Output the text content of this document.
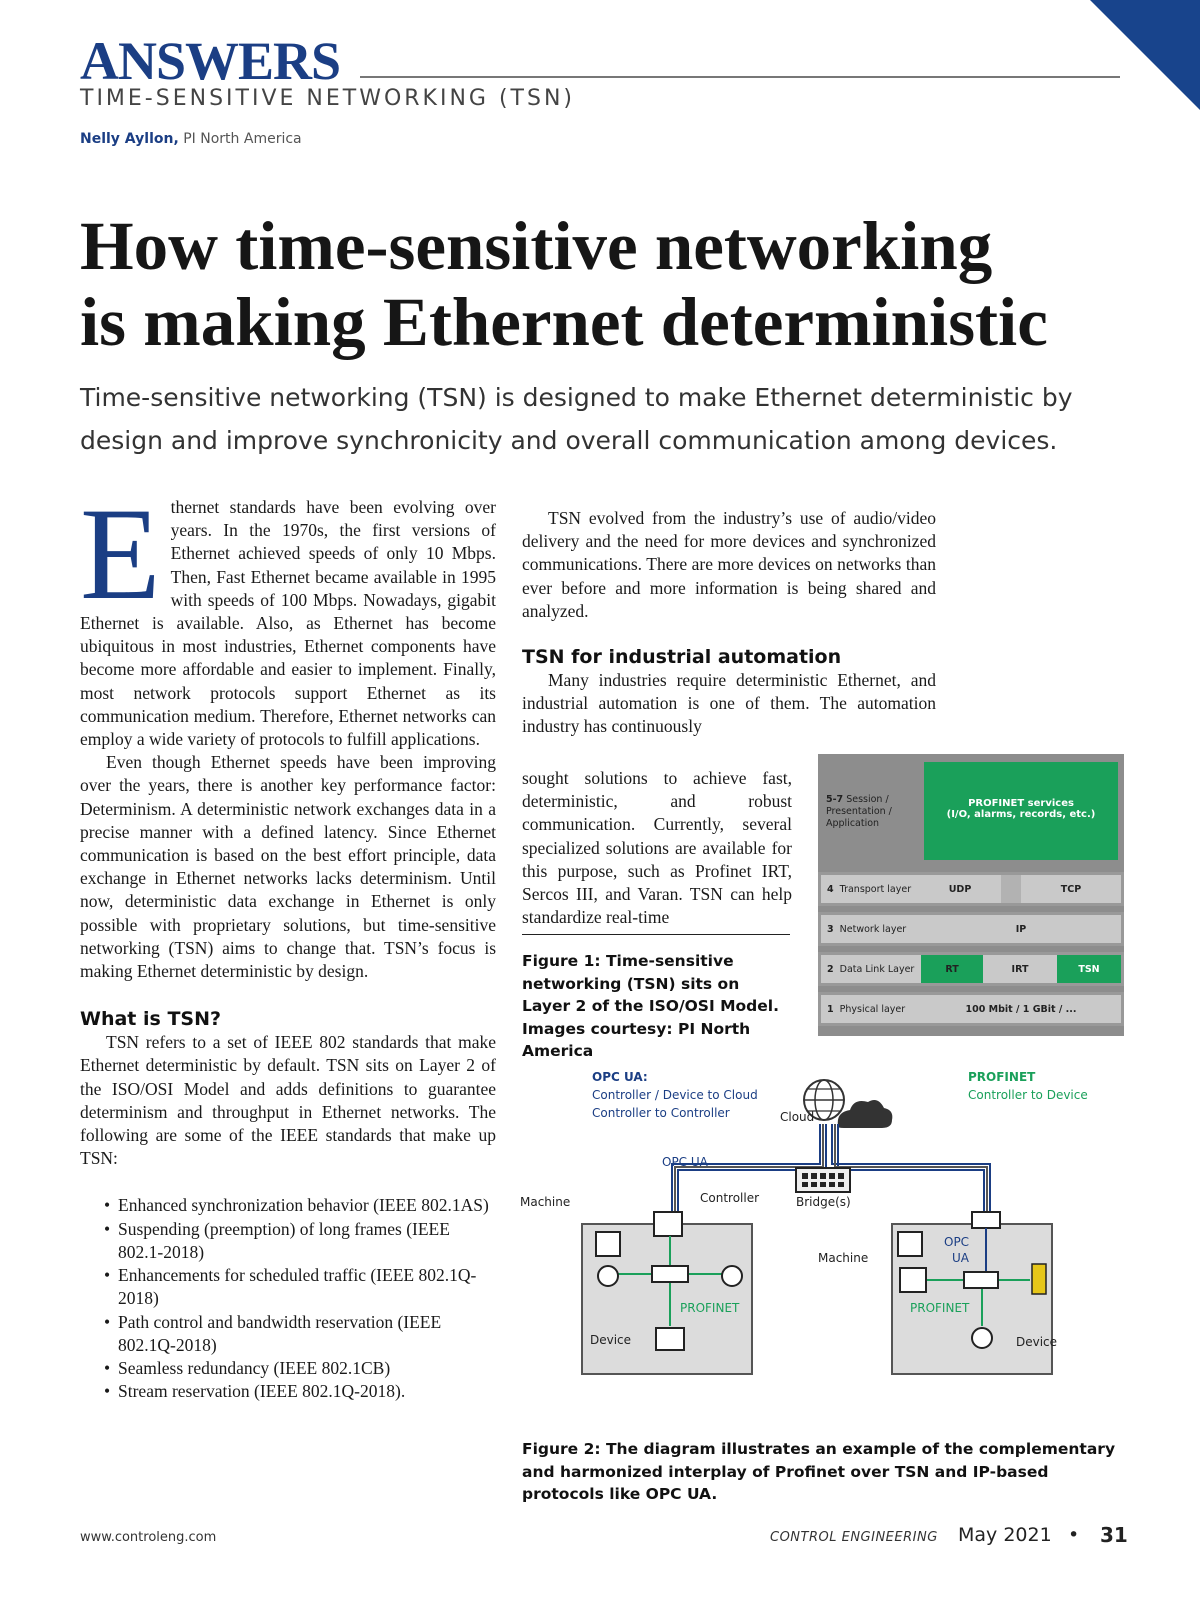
ANSWERS
TIME-SENSITIVE NETWORKING (TSN)
Nelly Ayllon, PI North America
How time-sensitive networking
is making Ethernet deterministic
Time-sensitive networking (TSN) is designed to make Ethernet deterministic by design and improve synchronicity and overall communication among devices.
E thernet standards have been evolving over years. In the 1970s, the first versions of Ethernet achieved speeds of only 10 Mbps. Then, Fast Ethernet became available in 1995 with speeds of 100 Mbps. Nowadays, gigabit Ethernet is available. Also, as Ethernet has become ubiquitous in most industries, Ethernet components have become more affordable and easier to implement. Finally, most network protocols support Ethernet as its communication medium. Therefore, Ethernet networks can employ a wide variety of protocols to fulfill applications.

Even though Ethernet speeds have been improving over the years, there is another key performance factor: Determinism. A deterministic network exchanges data in a precise manner with a defined latency. Since Ethernet communication is based on the best effort principle, data exchange in Ethernet networks lacks determinism. Until now, deterministic data exchange in Ethernet is only possible with proprietary solutions, but time-sensitive networking (TSN) aims to change that. TSN’s focus is making Ethernet deterministic by design.

What is TSN?

TSN refers to a set of IEEE 802 standards that make Ethernet deterministic by default. TSN sits on Layer 2 of the ISO/OSI Model and adds definitions to guarantee determinism and throughput in Ethernet networks. The following are some of the IEEE standards that make up TSN:

• Enhanced synchronization behavior (IEEE 802.1AS)
• Suspending (preemption) of long frames (IEEE 802.1-2018)
• Enhancements for scheduled traffic (IEEE 802.1Q-2018)
• Path control and bandwidth reservation (IEEE 802.1Q-2018)
• Seamless redundancy (IEEE 802.1CB)
• Stream reservation (IEEE 802.1Q-2018).

TSN evolved from the industry’s use of audio/video delivery and the need for more devices and synchronized communications. There are more devices on networks than ever before and more information is being shared and analyzed.

TSN for industrial automation

Many industries require deterministic Ethernet, and industrial automation is one of them. The automation industry has continuously

sought solutions to achieve fast, deterministic, and robust communication. Currently, several specialized solutions are available for this purpose, such as Profinet IRT, Sercos III, and Varan. TSN can help standardize real-time

Figure 1: Time-sensitive networking (TSN) sits on Layer 2 of the ISO/OSI Model. Images courtesy: PI North America
5-7 Session / Presentation / Application
PROFINET services
(I/O, alarms, records, etc.)
4 Transport layer	UDP	TCP
3 Network layer	IP
2 Data Link Layer	RT	IRT	TSN
1 Physical layer	100 Mbit / 1 GBit / ...
OPC UA:
Controller / Device to Cloud
Controller to Controller
PROFINET
Controller to Device
Cloud
OPC UA
Bridge(s)
Controller
Machine
Machine
PROFINET
Device
OPC
UA
PROFINET
Device
Figure 2: The diagram illustrates an example of the complementary and harmonized interplay of Profinet over TSN and IP-based protocols like OPC UA.
www.controleng.com	CONTROL ENGINEERING May 2021 • 31
